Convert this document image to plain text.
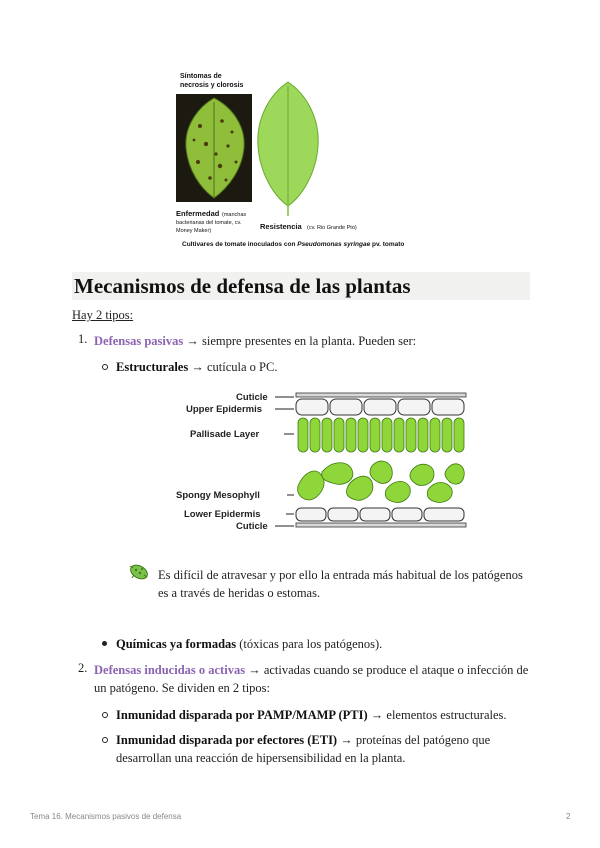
Síntomas de
necrosis y clorosis
Enfermedad (manchas
bacterianas del tomate, cv.
Money Maker)	Resistencia (cv. Rio Grande Pto)
Cultivares de tomate inoculados con Pseudomonas syringae pv. tomato
Mecanismos de defensa de las plantas
Hay 2 tipos:
1. Defensas pasivas → siempre presentes en la planta. Pueden ser:
Estructurales → cutícula o PC.
Cuticle
Upper Epidermis
Pallisade Layer
Spongy Mesophyll
Lower Epidermis
Cuticle
Es difícil de atravesar y por ello la entrada más habitual de los patógenos
es a través de heridas o estomas.
Químicas ya formadas (tóxicas para los patógenos).
2. Defensas inducidas o activas → activadas cuando se produce el ataque o infección de
un patógeno. Se dividen en 2 tipos:
Inmunidad disparada por PAMP/MAMP (PTI) → elementos estructurales.
Inmunidad disparada por efectores (ETI) → proteínas del patógeno que
desarrollan una reacción de hipersensibilidad en la planta.
Tema 16. Mecanismos pasivos de defensa	2
